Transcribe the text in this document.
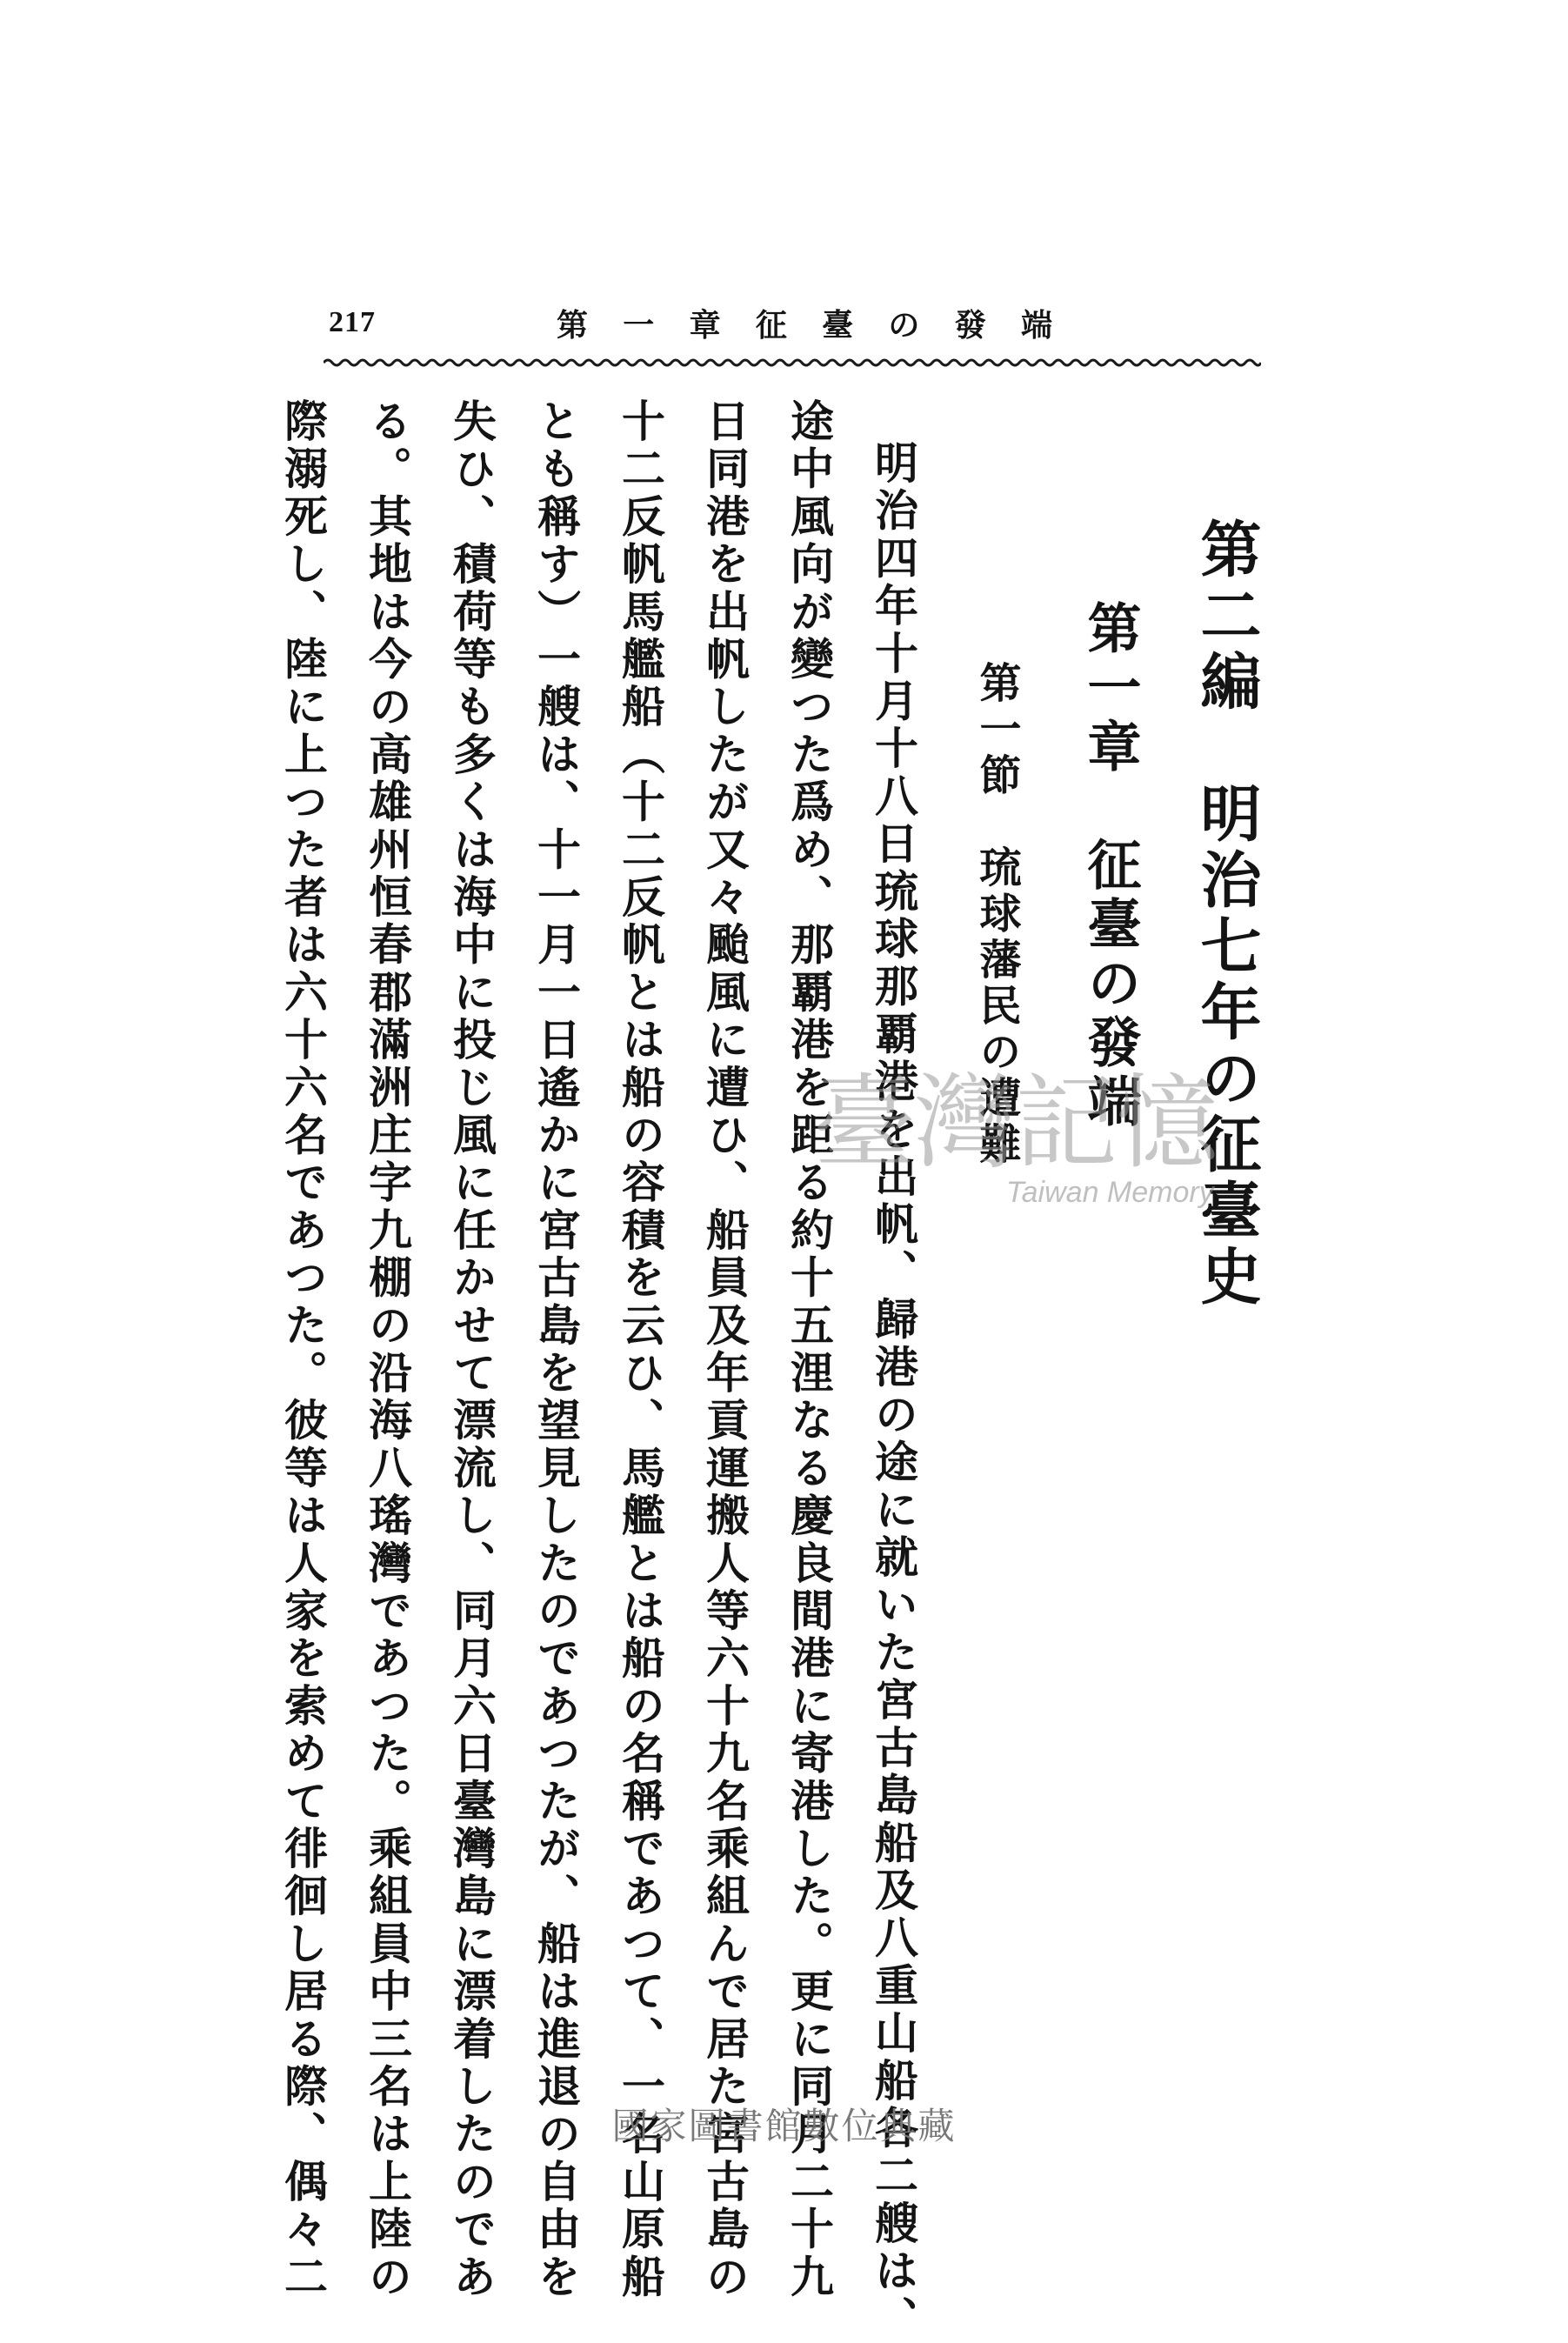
217	第 一 章 征 臺 の 發 端
第二編　明治七年の征臺史
第一章　征臺の發端
第一節　琉球藩民の遭難
明治四年十月十八日琉球那覇港を出帆、歸港の途に就いた宮古島船及八重山船各二艘は、
途中風向が變つた爲め、那覇港を距る約十五浬なる慶良間港に寄港した。更に同月二十九
日同港を出帆したが又々颱風に遭ひ、船員及年貢運搬人等六十九名乘組んで居た宮古島の
十二反帆馬艦船（十二反帆とは船の容積を云ひ、馬艦とは船の名稱であつて、一名山原船
とも稱す）一艘は、十一月一日遙かに宮古島を望見したのであつたが、船は進退の自由を
失ひ、積荷等も多くは海中に投じ風に任かせて漂流し、同月六日臺灣島に漂着したのであ
る。其地は今の高雄州恒春郡滿洲庄字九棚の沿海八瑤灣であつた。乘組員中三名は上陸の
際溺死し、陸に上つた者は六十六名であつた。彼等は人家を索めて徘徊し居る際、偶々二	臺灣記憶
Taiwan Memory
國家圖書館數位典藏
